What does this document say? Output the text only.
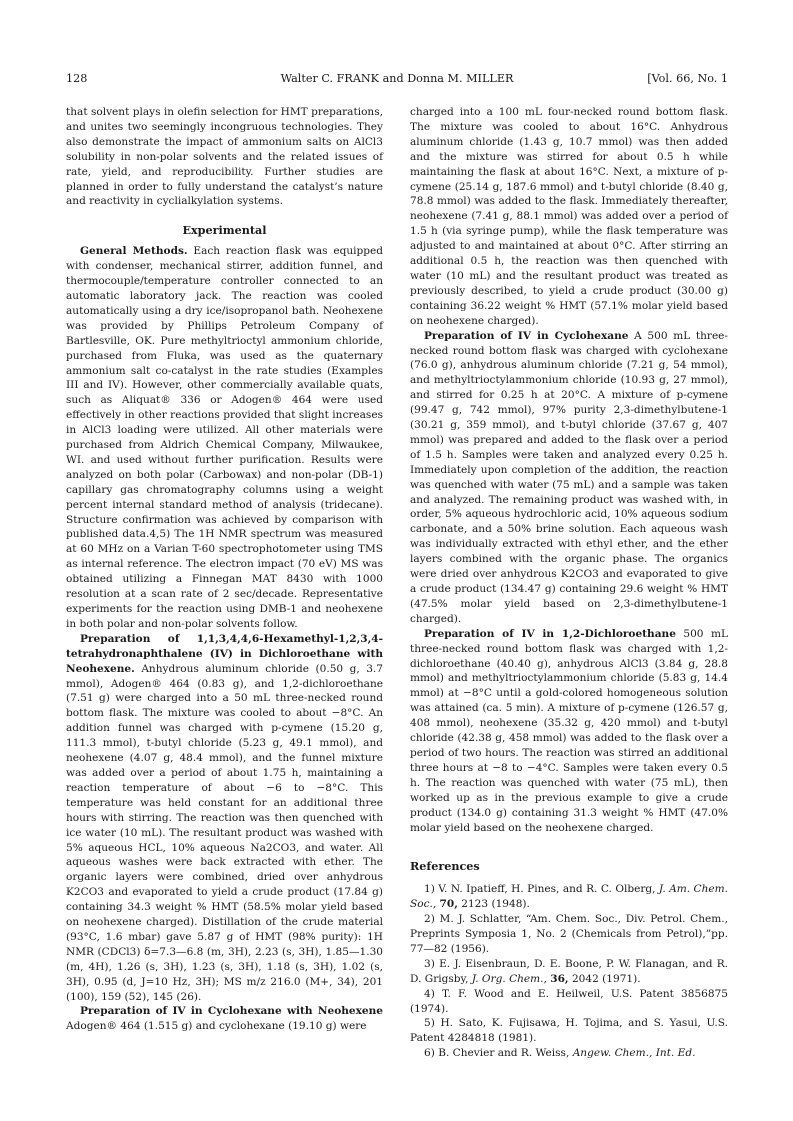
128	Walter C. FRANK and Donna M. MILLER	[Vol. 66, No. 1

that solvent plays in olefin selection for HMT preparations, and unites two seemingly incongruous technologies. They also demonstrate the impact of ammonium salts on AlCl3 solubility in non-polar solvents and the related issues of rate, yield, and reproducibility. Further studies are planned in order to fully understand the catalyst’s nature and reactivity in cyclialkylation systems.

Experimental

General Methods. Each reaction flask was equipped with condenser, mechanical stirrer, addition funnel, and thermocouple/temperature controller connected to an automatic laboratory jack. The reaction was cooled automatically using a dry ice/isopropanol bath. Neohexene was provided by Phillips Petroleum Company of Bartlesville, OK. Pure methyltrioctyl ammonium chloride, purchased from Fluka, was used as the quaternary ammonium salt co-catalyst in the rate studies (Examples III and IV). However, other commercially available quats, such as Aliquat® 336 or Adogen® 464 were used effectively in other reactions provided that slight increases in AlCl3 loading were utilized. All other materials were purchased from Aldrich Chemical Company, Milwaukee, WI. and used without further purification. Results were analyzed on both polar (Carbowax) and non-polar (DB-1) capillary gas chromatography columns using a weight percent internal standard method of analysis (tridecane). Structure confirmation was achieved by comparison with published data.4,5) The 1H NMR spectrum was measured at 60 MHz on a Varian T-60 spectrophotometer using TMS as internal reference. The electron impact (70 eV) MS was obtained utilizing a Finnegan MAT 8430 with 1000 resolution at a scan rate of 2 sec/decade. Representative experiments for the reaction using DMB-1 and neohexene in both polar and non-polar solvents follow.

Preparation of 1,1,3,4,4,6-Hexamethyl-1,2,3,4-tetrahydronaphthalene (IV) in Dichloroethane with Neohexene. Anhydrous aluminum chloride (0.50 g, 3.7 mmol), Adogen® 464 (0.83 g), and 1,2-dichloroethane (7.51 g) were charged into a 50 mL three-necked round bottom flask. The mixture was cooled to about −8°C. An addition funnel was charged with p-cymene (15.20 g, 111.3 mmol), t-butyl chloride (5.23 g, 49.1 mmol), and neohexene (4.07 g, 48.4 mmol), and the funnel mixture was added over a period of about 1.75 h, maintaining a reaction temperature of about −6 to −8°C. This temperature was held constant for an additional three hours with stirring. The reaction was then quenched with ice water (10 mL). The resultant product was washed with 5% aqueous HCL, 10% aqueous Na2CO3, and water. All aqueous washes were back extracted with ether. The organic layers were combined, dried over anhydrous K2CO3 and evaporated to yield a crude product (17.84 g) containing 34.3 weight % HMT (58.5% molar yield based on neohexene charged). Distillation of the crude material (93°C, 1.6 mbar) gave 5.87 g of HMT (98% purity): 1H NMR (CDCl3) δ=7.3—6.8 (m, 3H), 2.23 (s, 3H), 1.85—1.30 (m, 4H), 1.26 (s, 3H), 1.23 (s, 3H), 1.18 (s, 3H), 1.02 (s, 3H), 0.95 (d, J=10 Hz, 3H); MS m/z 216.0 (M+, 34), 201 (100), 159 (52), 145 (26).

Preparation of IV in Cyclohexane with Neohexene Adogen® 464 (1.515 g) and cyclohexane (19.10 g) were

charged into a 100 mL four-necked round bottom flask. The mixture was cooled to about 16°C. Anhydrous aluminum chloride (1.43 g, 10.7 mmol) was then added and the mixture was stirred for about 0.5 h while maintaining the flask at about 16°C. Next, a mixture of p-cymene (25.14 g, 187.6 mmol) and t-butyl chloride (8.40 g, 78.8 mmol) was added to the flask. Immediately thereafter, neohexene (7.41 g, 88.1 mmol) was added over a period of 1.5 h (via syringe pump), while the flask temperature was adjusted to and maintained at about 0°C. After stirring an additional 0.5 h, the reaction was then quenched with water (10 mL) and the resultant product was treated as previously described, to yield a crude product (30.00 g) containing 36.22 weight % HMT (57.1% molar yield based on neohexene charged).

Preparation of IV in Cyclohexane A 500 mL three-necked round bottom flask was charged with cyclohexane (76.0 g), anhydrous aluminum chloride (7.21 g, 54 mmol), and methyltrioctylammonium chloride (10.93 g, 27 mmol), and stirred for 0.25 h at 20°C. A mixture of p-cymene (99.47 g, 742 mmol), 97% purity 2,3-dimethylbutene-1 (30.21 g, 359 mmol), and t-butyl chloride (37.67 g, 407 mmol) was prepared and added to the flask over a period of 1.5 h. Samples were taken and analyzed every 0.25 h. Immediately upon completion of the addition, the reaction was quenched with water (75 mL) and a sample was taken and analyzed. The remaining product was washed with, in order, 5% aqueous hydrochloric acid, 10% aqueous sodium carbonate, and a 50% brine solution. Each aqueous wash was individually extracted with ethyl ether, and the ether layers combined with the organic phase. The organics were dried over anhydrous K2CO3 and evaporated to give a crude product (134.47 g) containing 29.6 weight % HMT (47.5% molar yield based on 2,3-dimethylbutene-1 charged).

Preparation of IV in 1,2-Dichloroethane 500 mL three-necked round bottom flask was charged with 1,2-dichloroethane (40.40 g), anhydrous AlCl3 (3.84 g, 28.8 mmol) and methyltrioctylammonium chloride (5.83 g, 14.4 mmol) at −8°C until a gold-colored homogeneous solution was attained (ca. 5 min). A mixture of p-cymene (126.57 g, 408 mmol), neohexene (35.32 g, 420 mmol) and t-butyl chloride (42.38 g, 458 mmol) was added to the flask over a period of two hours. The reaction was stirred an additional three hours at −8 to −4°C. Samples were taken every 0.5 h. The reaction was quenched with water (75 mL), then worked up as in the previous example to give a crude product (134.0 g) containing 31.3 weight % HMT (47.0% molar yield based on the neohexene charged.

References

1) V. N. Ipatieff, H. Pines, and R. C. Olberg, J. Am. Chem. Soc., 70, 2123 (1948).

2) M. J. Schlatter, “Am. Chem. Soc., Div. Petrol. Chem., Preprints Symposia 1, No. 2 (Chemicals from Petrol),”pp. 77—82 (1956).

3) E. J. Eisenbraun, D. E. Boone, P. W. Flanagan, and R. D. Grigsby, J. Org. Chem., 36, 2042 (1971).

4) T. F. Wood and E. Heilweil, U.S. Patent 3856875 (1974).

5) H. Sato, K. Fujisawa, H. Tojima, and S. Yasui, U.S. Patent 4284818 (1981).

6) B. Chevier and R. Weiss, Angew. Chem., Int. Ed.
